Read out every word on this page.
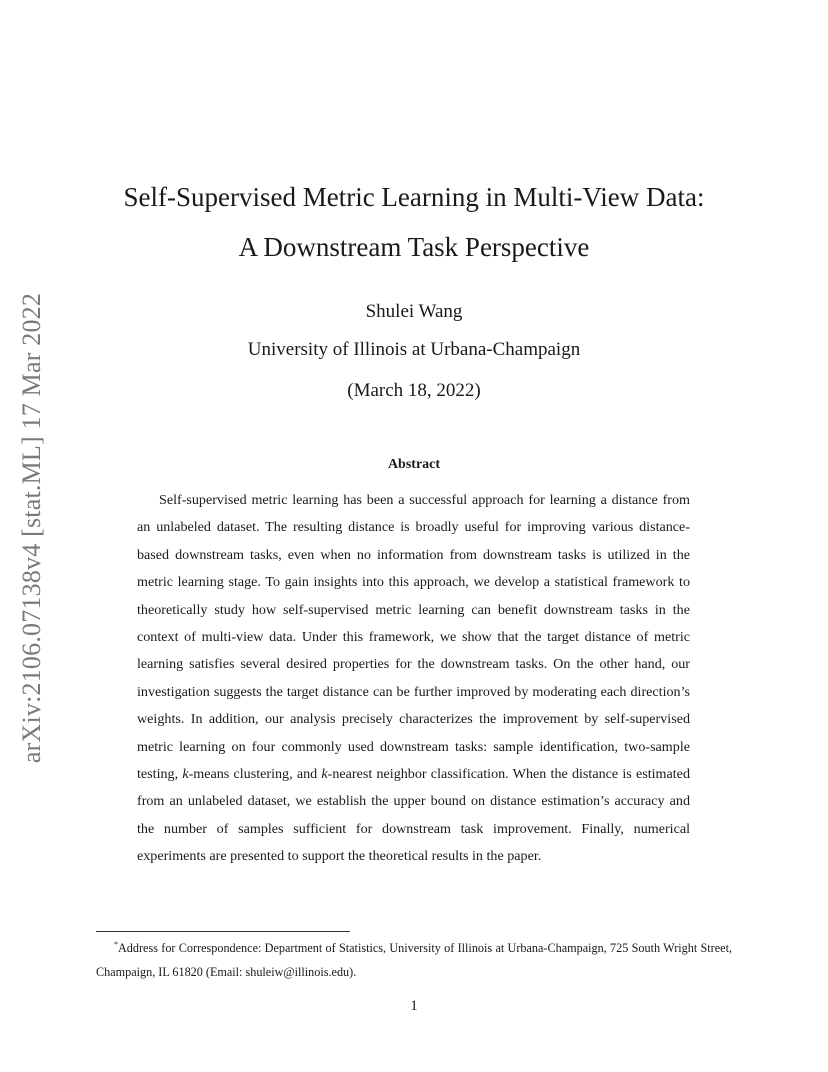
arXiv:2106.07138v4 [stat.ML] 17 Mar 2022
Self-Supervised Metric Learning in Multi-View Data:
A Downstream Task Perspective
Shulei Wang
University of Illinois at Urbana-Champaign
(March 18, 2022)
Abstract

Self-supervised metric learning has been a successful approach for learning a distance from an unlabeled dataset. The resulting distance is broadly useful for improving various distance-based downstream tasks, even when no information from downstream tasks is utilized in the metric learning stage. To gain insights into this approach, we develop a statistical framework to theoretically study how self-supervised metric learning can benefit downstream tasks in the context of multi-view data. Under this framework, we show that the target distance of metric learning satisfies several desired properties for the downstream tasks. On the other hand, our investigation suggests the target distance can be further improved by moderating each direction’s weights. In addition, our analysis precisely characterizes the improvement by self-supervised metric learning on four commonly used downstream tasks: sample identification, two-sample testing, k-means clustering, and k-nearest neighbor classification. When the distance is estimated from an unlabeled dataset, we establish the upper bound on distance estimation’s accuracy and the number of samples sufficient for downstream task improvement. Finally, numerical experiments are presented to support the theoretical results in the paper.

*Address for Correspondence: Department of Statistics, University of Illinois at Urbana-Champaign, 725 South Wright Street, Champaign, IL 61820 (Email: shuleiw@illinois.edu).

1
